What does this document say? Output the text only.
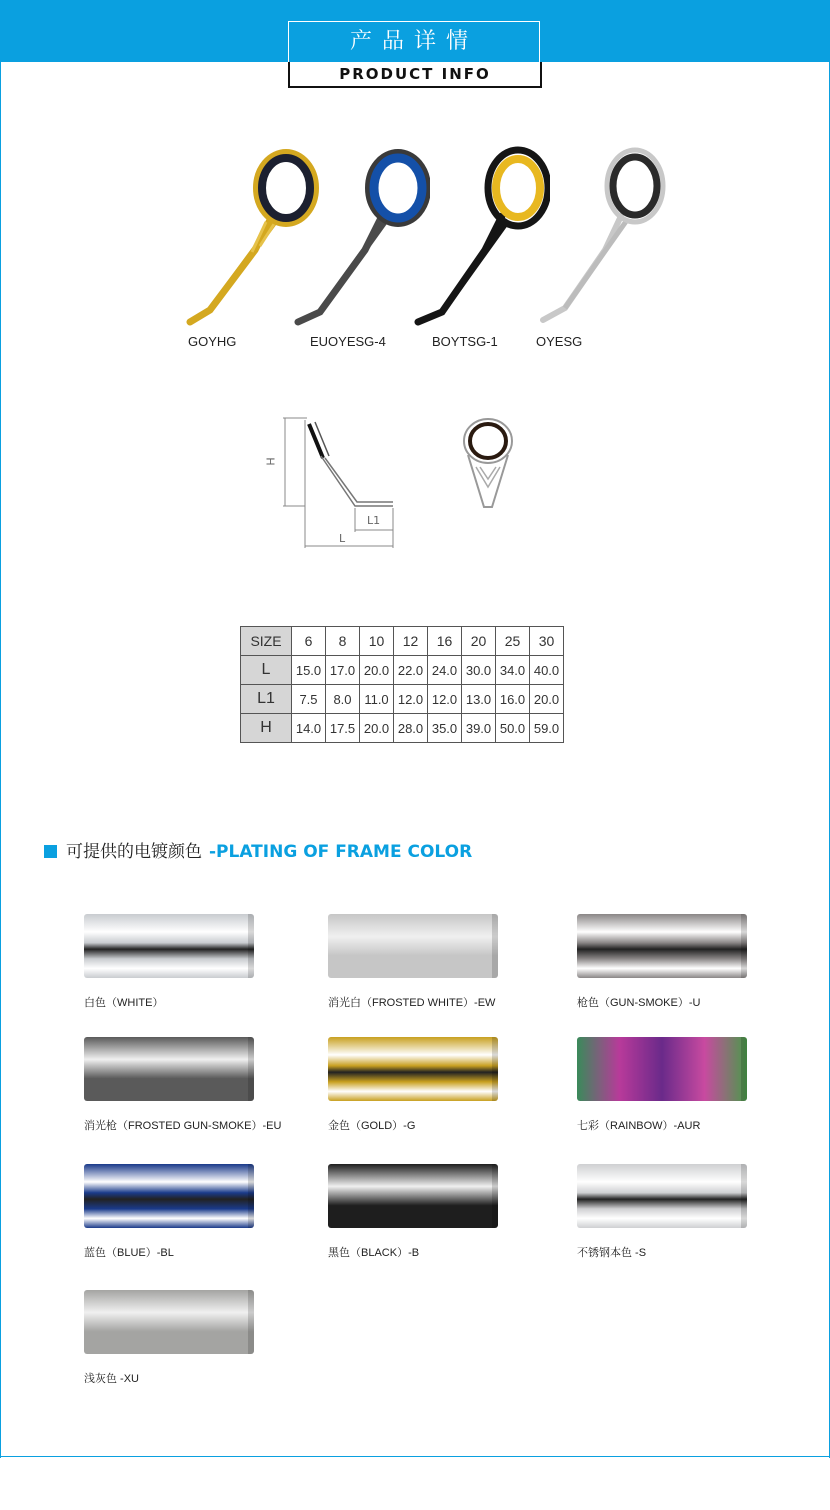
产品详情
PRODUCT INFO
GOYHG	EUOYESG-4	BOYTSG-1	OYESG
H
L1
L
SIZE	6	8	10	12	16	20	25	30
L	15.0	17.0	20.0	22.0	24.0	30.0	34.0	40.0
L1	7.5	8.0	11.0	12.0	12.0	13.0	16.0	20.0
H	14.0	17.5	20.0	28.0	35.0	39.0	50.0	59.0
可提供的电镀颜色 -PLATING OF FRAME COLOR
白色（WHITE）	消光白（FROSTED WHITE）-EW	枪色（GUN-SMOKE）-U
消光枪（FROSTED GUN-SMOKE）-EU	金色（GOLD）-G	七彩（RAINBOW）-AUR
蓝色（BLUE）-BL	黑色（BLACK）-B	不锈钢本色 -S
浅灰色 -XU
